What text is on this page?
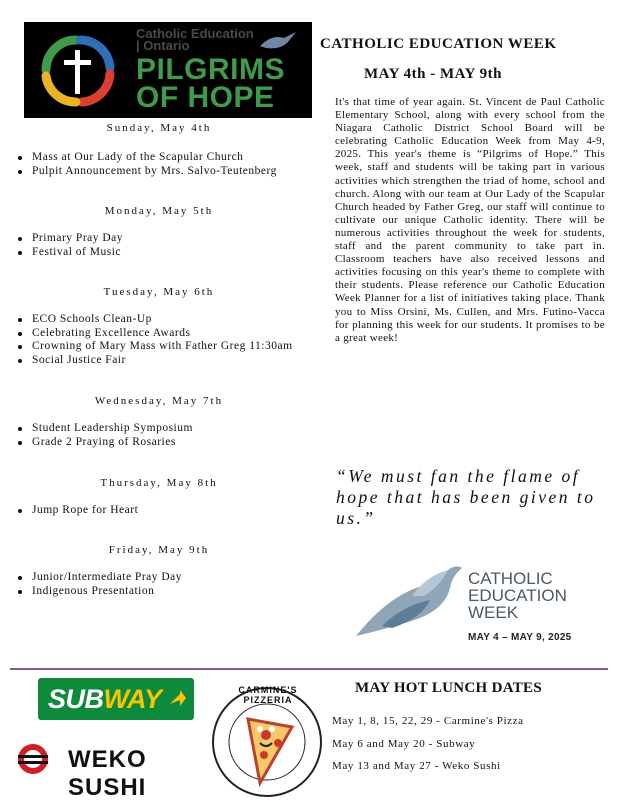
Catholic Education | Ontario
PILGRIMS
OF HOPE
Sunday, May 4th
Mass at Our Lady of the Scapular Church
Pulpit Announcement by Mrs. Salvo-Teutenberg
Monday, May 5th
Primary Pray Day
Festival of Music
Tuesday, May 6th
ECO Schools Clean-Up
Celebrating Excellence Awards
Crowning of Mary Mass with Father Greg 11:30am
Social Justice Fair
Wednesday, May 7th
Student Leadership Symposium
Grade 2 Praying of Rosaries
Thursday, May 8th
Jump Rope for Heart
Friday, May 9th
Junior/Intermediate Pray Day
Indigenous Presentation
CATHOLIC EDUCATION WEEK
MAY 4th - MAY 9th
It's that time of year again. St. Vincent de Paul Catholic Elementary School, along with every school from the Niagara Catholic District School Board will be celebrating Catholic Education Week from May 4-9, 2025. This year's theme is “Pilgrims of Hope.” This week, staff and students will be taking part in various activities which strengthen the triad of home, school and church. Along with our team at Our Lady of the Scapular Church headed by Father Greg, our staff will continue to cultivate our unique Catholic identity. There will be numerous activities throughout the week for students, staff and the parent community to take part in. Classroom teachers have also received lessons and activities focusing on this year's theme to complete with their students. Please reference our Catholic Education Week Planner for a list of initiatives taking place. Thank you to Miss Orsini, Ms. Cullen, and Mrs. Futino-Vacca for planning this week for our students. It promises to be a great week!
“We must fan the flame of hope that has been given to us.”
CATHOLIC
EDUCATION
WEEK
MAY 4 – MAY 9, 2025
SUBWAY
WEKO SUSHI
CARMINE'S PIZZERIA
MAY HOT LUNCH DATES
May 1, 8, 15, 22, 29 - Carmine's Pizza
May 6 and May 20 - Subway
May 13 and May 27 - Weko Sushi
